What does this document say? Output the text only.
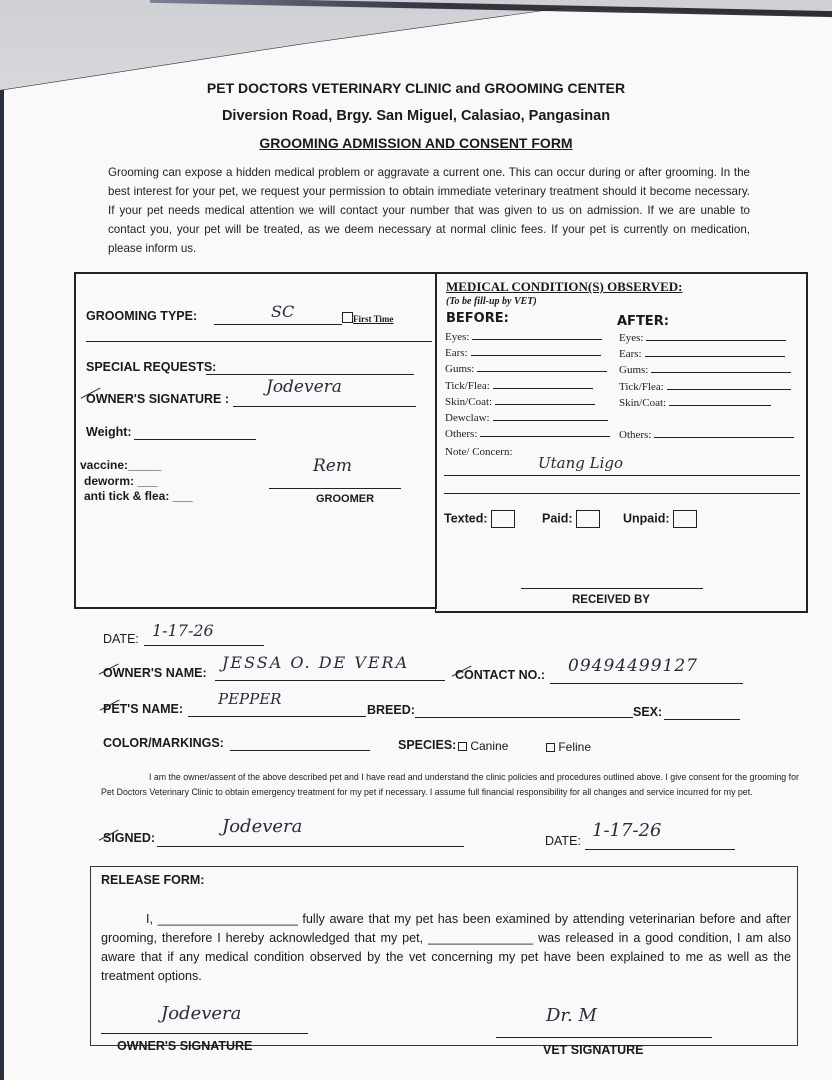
PET DOCTORS VETERINARY CLINIC and GROOMING CENTER
Diversion Road, Brgy. San Miguel, Calasiao, Pangasinan
GROOMING ADMISSION AND CONSENT FORM
Grooming can expose a hidden medical problem or aggravate a current one. This can occur during or after grooming. In the best interest for your pet, we request your permission to obtain immediate veterinary treatment should it become necessary. If your pet needs medical attention we will contact your number that was given to us on admission. If we are unable to contact you, your pet will be treated, as we deem necessary at normal clinic fees. If your pet is currently on medication, please inform us.
GROOMING TYPE:	SC	First Time
SPECIAL REQUESTS:
OWNER'S SIGNATURE :
Jodevera
Weight:
vaccine:_____
deworm: ___
anti tick & flea: ___
Rem
GROOMER
MEDICAL CONDITION(S) OBSERVED:
(To be fill-up by VET)
BEFORE:	AFTER:
Eyes:
Ears:
Gums:
Tick/Flea:
Skin/Coat:
Dewclaw:
Others:
Eyes:
Ears:
Gums:
Tick/Flea:
Skin/Coat:
Others:
Note/ Concern:
Utang Ligo
Texted:	Paid:	Unpaid:
RECEIVED BY
DATE: 1-17-26
OWNER'S NAME:
JESSA O. DE VERA
CONTACT NO.: 09494499127
PET'S NAME:
PEPPER
BREED:	SEX:
COLOR/MARKINGS:	SPECIES:	Canine	Feline
I am the owner/assent of the above described pet and I have read and understand the clinic policies and procedures outlined above. I give consent for the grooming for Pet Doctors Veterinary Clinic to obtain emergency treatment for my pet if necessary. I assume full financial responsibility for all changes and service incurred for my pet.
SIGNED:
Jodevera
DATE: 1-17-26
RELEASE FORM:
I, ____________________ fully aware that my pet has been examined by attending veterinarian before and after grooming, therefore I hereby acknowledged that my pet, _______________ was released in a good condition, I am also aware that if any medical condition observed by the vet concerning my pet have been explained to me as well as the treatment options.
Jodevera
OWNER'S SIGNATURE
Dr. M
VET SIGNATURE
